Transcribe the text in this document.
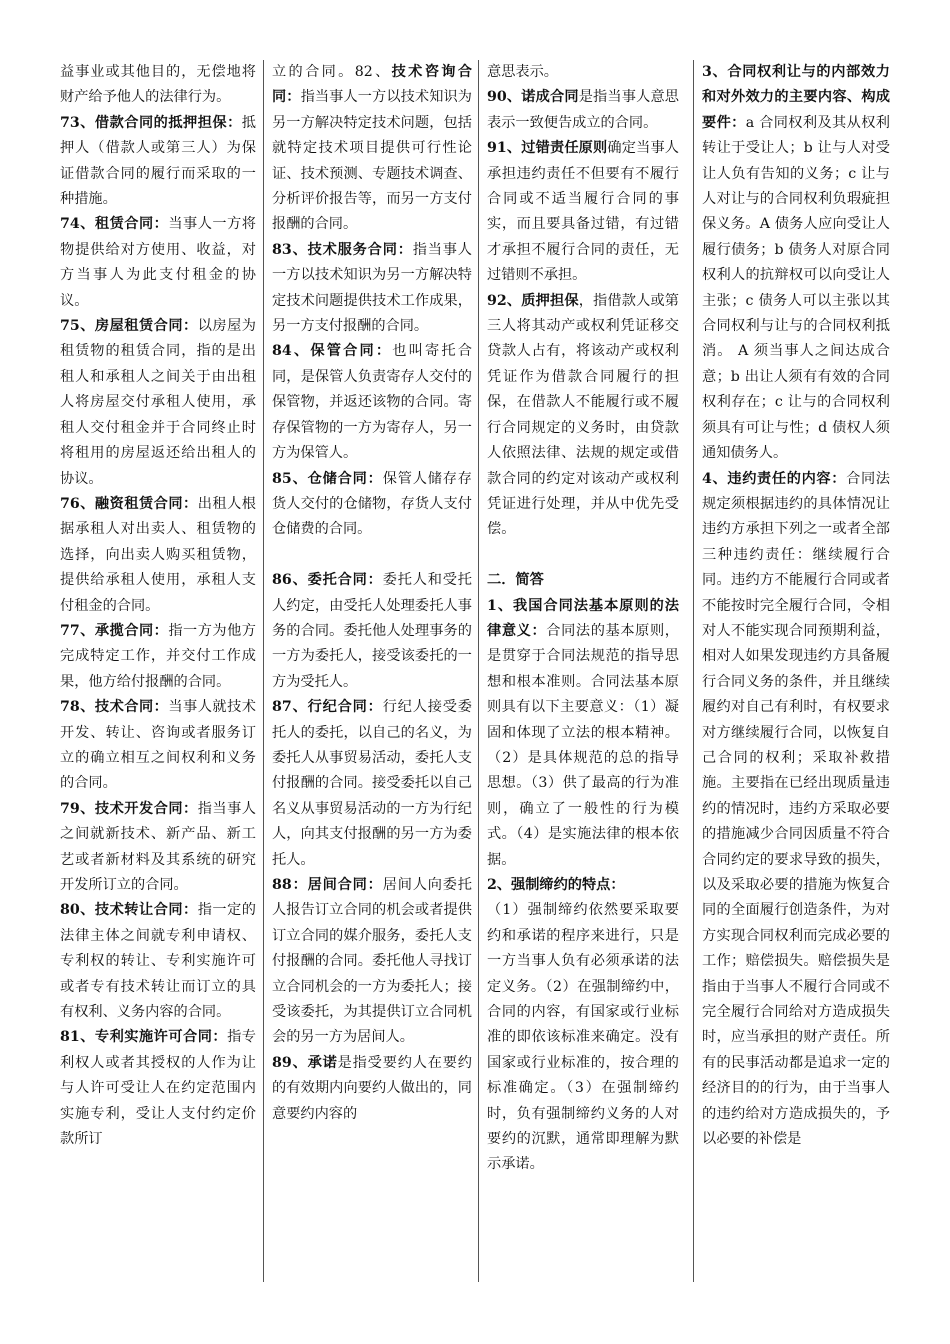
益事业或其他目的，无偿地将财产给予他人的法律行为。

73、借款合同的抵押担保：抵押人（借款人或第三人）为保证借款合同的履行而采取的一种措施。

74、租赁合同：当事人一方将物提供给对方使用、收益，对方当事人为此支付租金的协议。

75、房屋租赁合同：以房屋为租赁物的租赁合同，指的是出租人和承租人之间关于由出租人将房屋交付承租人使用，承租人交付租金并于合同终止时将租用的房屋返还给出租人的协议。

76、融资租赁合同：出租人根据承租人对出卖人、租赁物的选择，向出卖人购买租赁物，提供给承租人使用，承租人支付租金的合同。

77、承揽合同：指一方为他方完成特定工作，并交付工作成果，他方给付报酬的合同。

78、技术合同：当事人就技术开发、转让、咨询或者服务订立的确立相互之间权利和义务的合同。

79、技术开发合同：指当事人之间就新技术、新产品、新工艺或者新材料及其系统的研究开发所订立的合同。

80、技术转让合同：指一定的法律主体之间就专利申请权、专利权的转让、专利实施许可或者专有技术转让而订立的具有权利、义务内容的合同。

81、专利实施许可合同：指专利权人或者其授权的人作为让与人许可受让人在约定范围内实施专利，受让人支付约定价款所订

立的合同。82、技术咨询合同：指当事人一方以技术知识为另一方解决特定技术问题，包括就特定技术项目提供可行性论证、技术预测、专题技术调查、分析评价报告等，而另一方支付报酬的合同。

83、技术服务合同：指当事人一方以技术知识为另一方解决特定技术问题提供技术工作成果，另一方支付报酬的合同。

84、保管合同：也叫寄托合同，是保管人负责寄存人交付的保管物，并返还该物的合同。寄存保管物的一方为寄存人，另一方为保管人。

85、仓储合同：保管人储存存货人交付的仓储物，存货人支付仓储费的合同。

86、委托合同：委托人和受托人约定，由受托人处理委托人事务的合同。委托他人处理事务的一方为委托人，接受该委托的一方为受托人。

87、行纪合同：行纪人接受委托人的委托，以自己的名义，为委托人从事贸易活动，委托人支付报酬的合同。接受委托以自己名义从事贸易活动的一方为行纪人，向其支付报酬的另一方为委托人。

88：居间合同：居间人向委托人报告订立合同的机会或者提供订立合同的媒介服务，委托人支付报酬的合同。委托他人寻找订立合同机会的一方为委托人；接受该委托，为其提供订立合同机会的另一方为居间人。

89、承诺是指受要约人在要约的有效期内向要约人做出的，同意要约内容的

意思表示。

90、诺成合同是指当事人意思表示一致便告成立的合同。

91、过错责任原则确定当事人承担违约责任不但要有不履行合同或不适当履行合同的事实，而且要具备过错，有过错才承担不履行合同的责任，无过错则不承担。

92、质押担保，指借款人或第三人将其动产或权利凭证移交贷款人占有，将该动产或权利凭证作为借款合同履行的担保，在借款人不能履行或不履行合同规定的义务时，由贷款人依照法律、法规的规定或借款合同的约定对该动产或权利凭证进行处理，并从中优先受偿。

二．简答

1、我国合同法基本原则的法律意义：合同法的基本原则，是贯穿于合同法规范的指导思想和根本准则。合同法基本原则具有以下主要意义：（1）凝固和体现了立法的根本精神。（2）是具体规范的总的指导思想。（3）供了最高的行为准则，确立了一般性的行为模式。（4）是实施法律的根本依据。

2、强制缔约的特点：

（1）强制缔约依然要采取要约和承诺的程序来进行，只是一方当事人负有必须承诺的法定义务。（2）在强制缔约中，合同的内容，有国家或行业标准的即依该标准来确定。没有国家或行业标准的，按合理的标准确定。（3）在强制缔约时，负有强制缔约义务的人对要约的沉默，通常即理解为默示承诺。

3、合同权利让与的内部效力和对外效力的主要内容、构成要件：a 合同权利及其从权利转让于受让人；b 让与人对受让人负有告知的义务；c 让与人对让与的合同权利负瑕疵担保义务。A 债务人应向受让人履行债务；b 债务人对原合同权利人的抗辩权可以向受让人主张；c 债务人可以主张以其合同权利与让与的合同权利抵消。 A 须当事人之间达成合意；b 出让人须有有效的合同权利存在；c 让与的合同权利须具有可让与性；d 债权人须通知债务人。

4、违约责任的内容：合同法规定须根据违约的具体情况让违约方承担下列之一或者全部三种违约责任：继续履行合同。违约方不能履行合同或者不能按时完全履行合同，令相对人不能实现合同预期利益，相对人如果发现违约方具备履行合同义务的条件，并且继续履约对自己有利时，有权要求对方继续履行合同，以恢复自己合同的权利；采取补救措施。主要指在已经出现质量违约的情况时，违约方采取必要的措施减少合同因质量不符合合同约定的要求导致的损失，以及采取必要的措施为恢复合同的全面履行创造条件，为对方实现合同权利而完成必要的工作；赔偿损失。赔偿损失是指由于当事人不履行合同或不完全履行合同给对方造成损失时，应当承担的财产责任。所有的民事活动都是追求一定的经济目的的行为，由于当事人的违约给对方造成损失的，予以必要的补偿是
